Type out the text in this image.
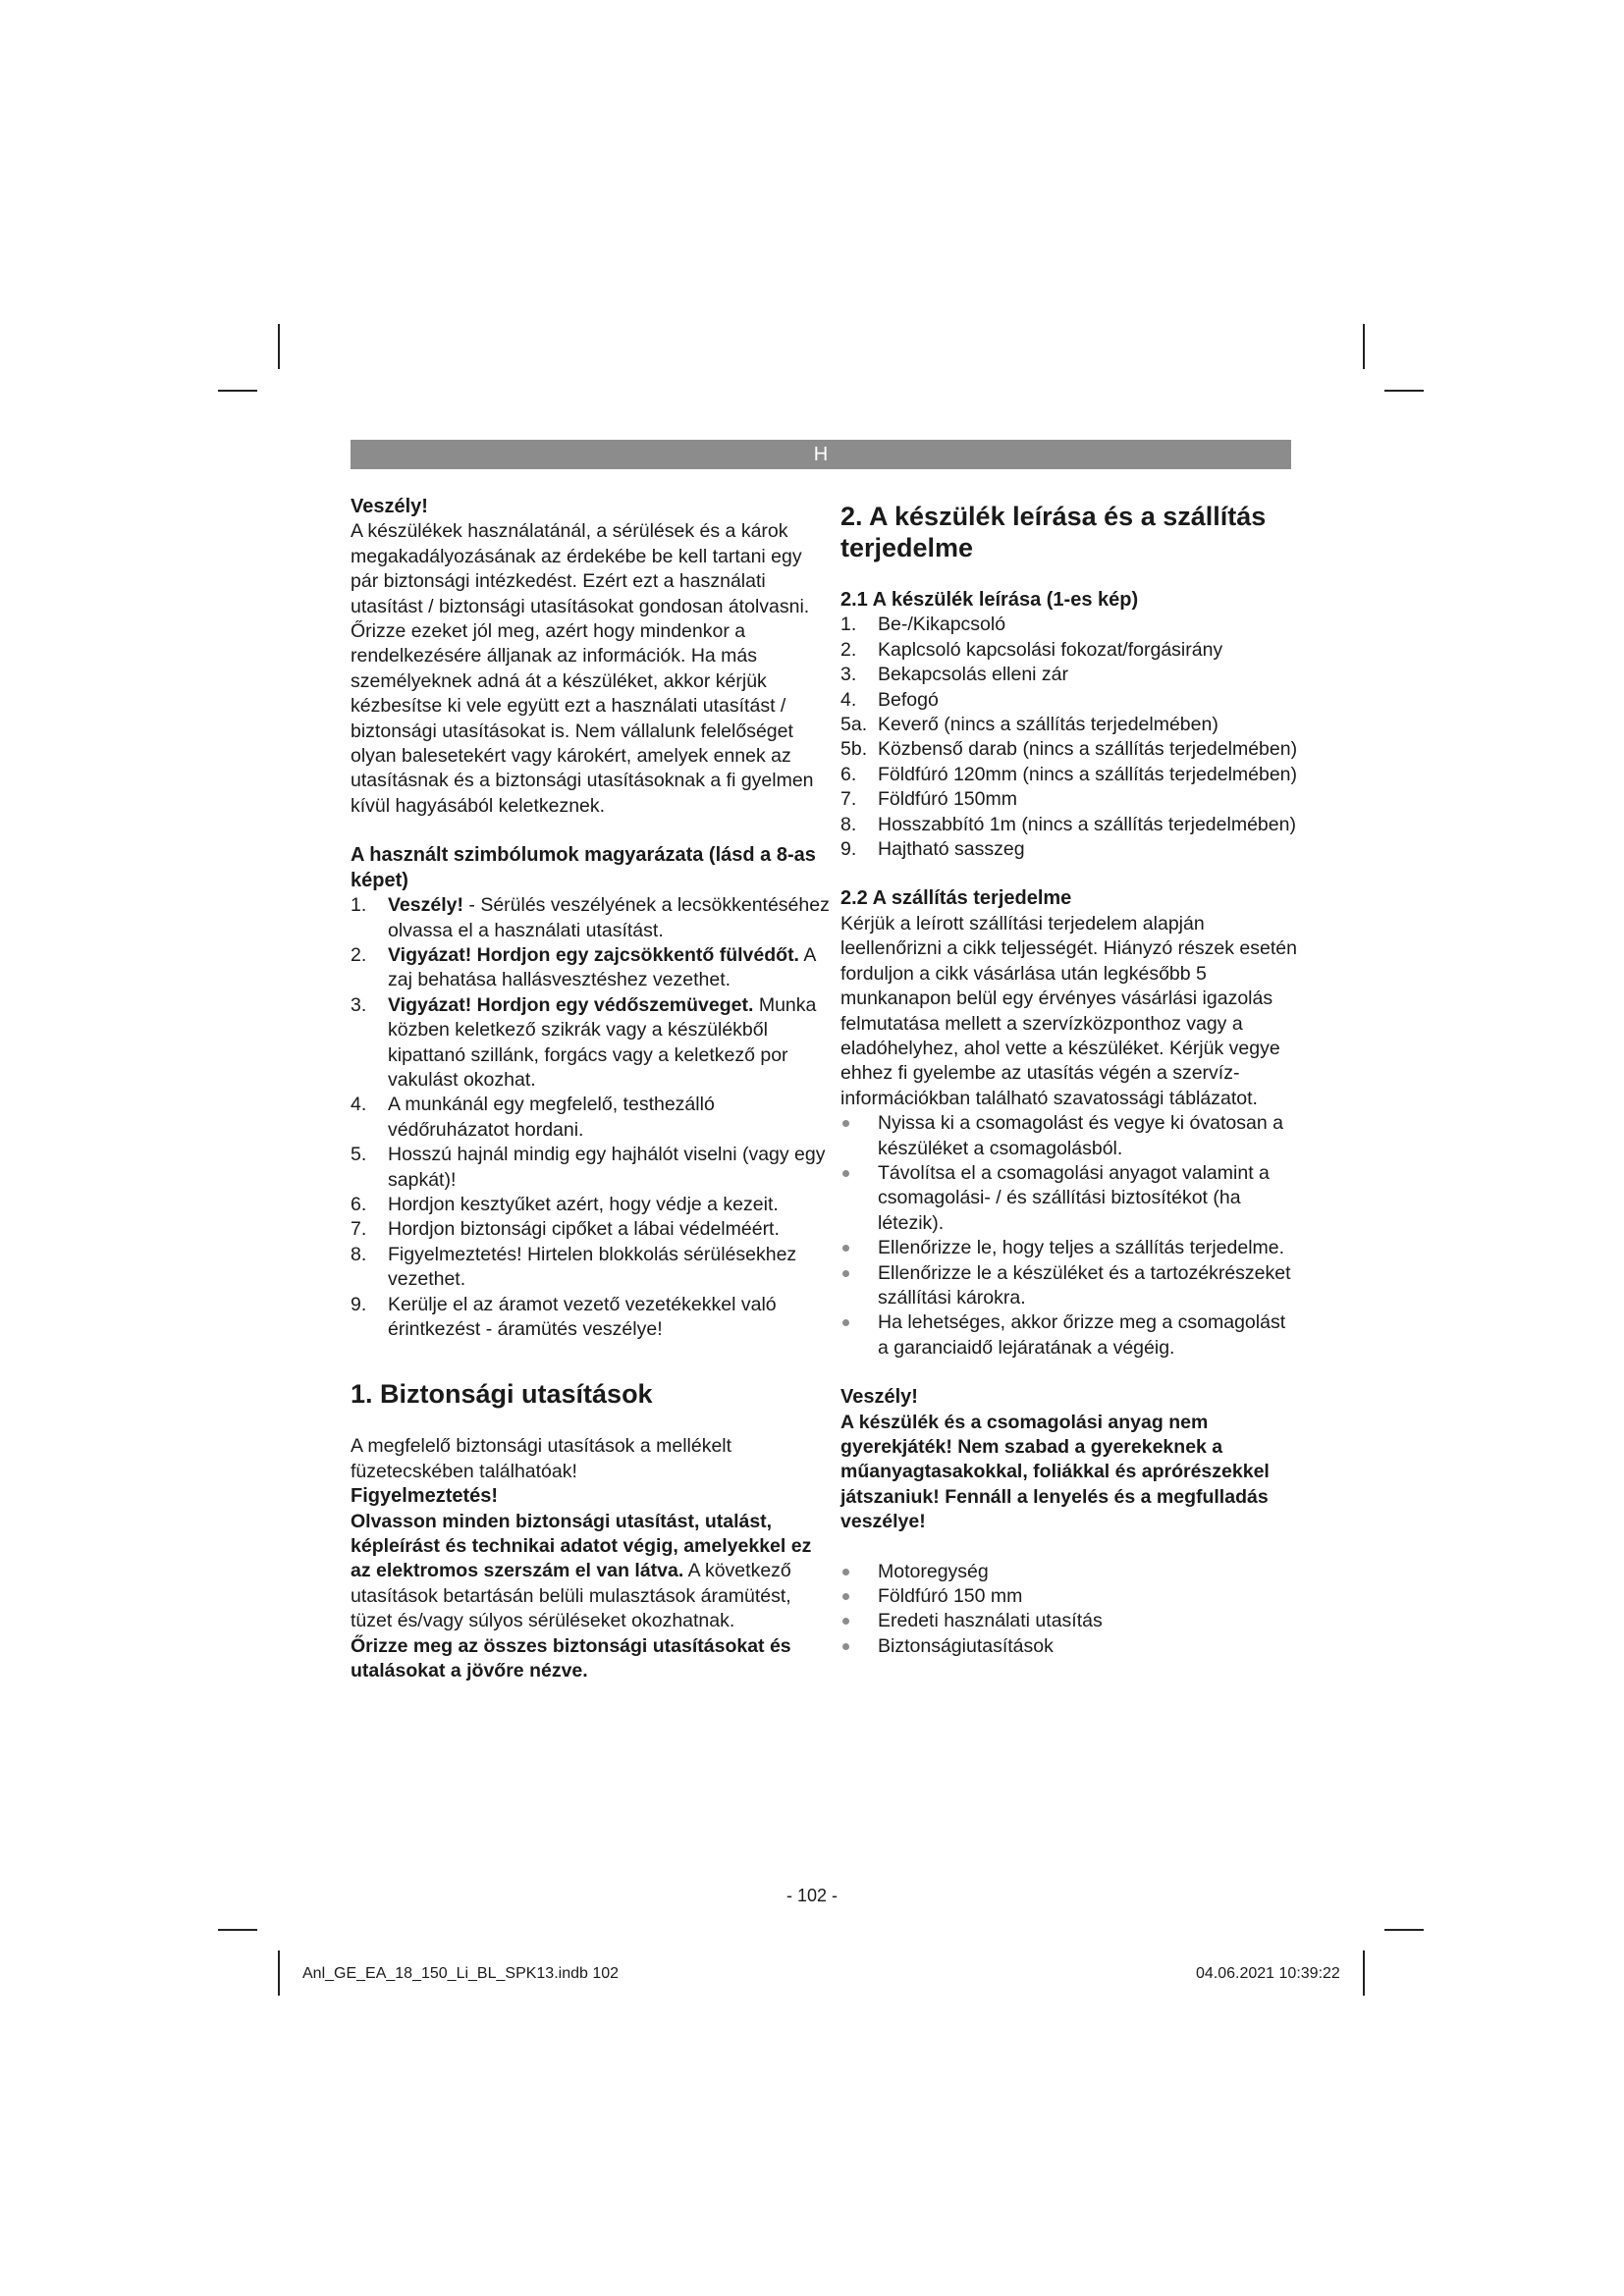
H

Veszély!

A készülékek használatánál, a sérülések és a károk megakadályozásának az érdekébe be kell tartani egy pár biztonsági intézkedést. Ezért ezt a használati utasítást / biztonsági utasításokat gondosan átolvasni. Őrizze ezeket jól meg, azért hogy mindenkor a rendelkezésére álljanak az információk. Ha más személyeknek adná át a készüléket, akkor kérjük kézbesítse ki vele együtt ezt a használati utasítást / biztonsági utasításokat is. Nem vállalunk felelőséget olyan balesetekért vagy károkért, amelyek ennek az utasításnak és a biztonsági utasításoknak a fi gyelmen kívül hagyásából keletkeznek.

A használt szimbólumok magyarázata (lásd a 8-as képet)

1. Veszély! - Sérülés veszélyének a lecsökkentéséhez olvassa el a használati utasítást.
2. Vigyázat! Hordjon egy zajcsökkentő fülvédőt. A zaj behatása hallásvesztéshez vezethet.
3. Vigyázat! Hordjon egy védőszemüveget. Munka közben keletkező szikrák vagy a készülékből kipattanó szillánk, forgács vagy a keletkező por vakulást okozhat.
4. A munkánál egy megfelelő, testhezálló védőruházatot hordani.
5. Hosszú hajnál mindig egy hajhálót viselni (vagy egy sapkát)!
6. Hordjon kesztyűket azért, hogy védje a kezeit.
7. Hordjon biztonsági cipőket a lábai védelméért.
8. Figyelmeztetés! Hirtelen blokkolás sérülésekhez vezethet.
9. Kerülje el az áramot vezető vezetékekkel való érintkezést - áramütés veszélye!
1. Biztonsági utasítások

A megfelelő biztonsági utasítások a mellékelt füzetecskében találhatóak!

Figyelmeztetés!

Olvasson minden biztonsági utasítást, utalást, képleírást és technikai adatot végig, amelyekkel ez az elektromos szerszám el van látva. A következő utasítások betartásán belüli mulasztások áramütést, tüzet és/vagy súlyos sérüléseket okozhatnak.

Őrizze meg az összes biztonsági utasításokat és utalásokat a jövőre nézve.

2. A készülék leírása és a szállítás terjedelme

2.1 A készülék leírása (1-es kép)

1. Be-/Kikapcsoló
2. Kaplcsoló kapcsolási fokozat/forgásirány
3. Bekapcsolás elleni zár
4. Befogó
5a. Keverő (nincs a szállítás terjedelmében)
5b. Közbenső darab (nincs a szállítás terjedelmében)
6. Földfúró 120mm (nincs a szállítás terjedelmében)
7. Földfúró 150mm
8. Hosszabbító 1m (nincs a szállítás terjedelmében)
9. Hajtható sasszeg

2.2 A szállítás terjedelme

Kérjük a leírott szállítási terjedelem alapján leellenőrizni a cikk teljességét. Hiányzó részek esetén forduljon a cikk vásárlása után legkésőbb 5 munkanapon belül egy érvényes vásárlási igazolás felmutatása mellett a szervízközponthoz vagy a eladóhelyhez, ahol vette a készüléket. Kérjük vegye ehhez fi gyelembe az utasítás végén a szervíz-információkban található szavatossági táblázatot.

Nyissa ki a csomagolást és vegye ki óvatosan a készüléket a csomagolásból.
Távolítsa el a csomagolási anyagot valamint a csomagolási- / és szállítási biztosítékot (ha létezik).
Ellenőrizze le, hogy teljes a szállítás terjedelme.
Ellenőrizze le a készüléket és a tartozékrészeket szállítási károkra.
Ha lehetséges, akkor őrizze meg a csomagolást a garanciaidő lejáratának a végéig.

Veszély!

A készülék és a csomagolási anyag nem gyerekjáték! Nem szabad a gyerekeknek a műanyagtasakokkal, foliákkal és aprórészekkel játszaniuk! Fennáll a lenyelés és a megfulladás veszélye!

Motoregység
Földfúró 150 mm
Eredeti használati utasítás
Biztonságiutasítások
- 102 -
Anl_GE_EA_18_150_Li_BL_SPK13.indb 102	04.06.2021 10:39:22
